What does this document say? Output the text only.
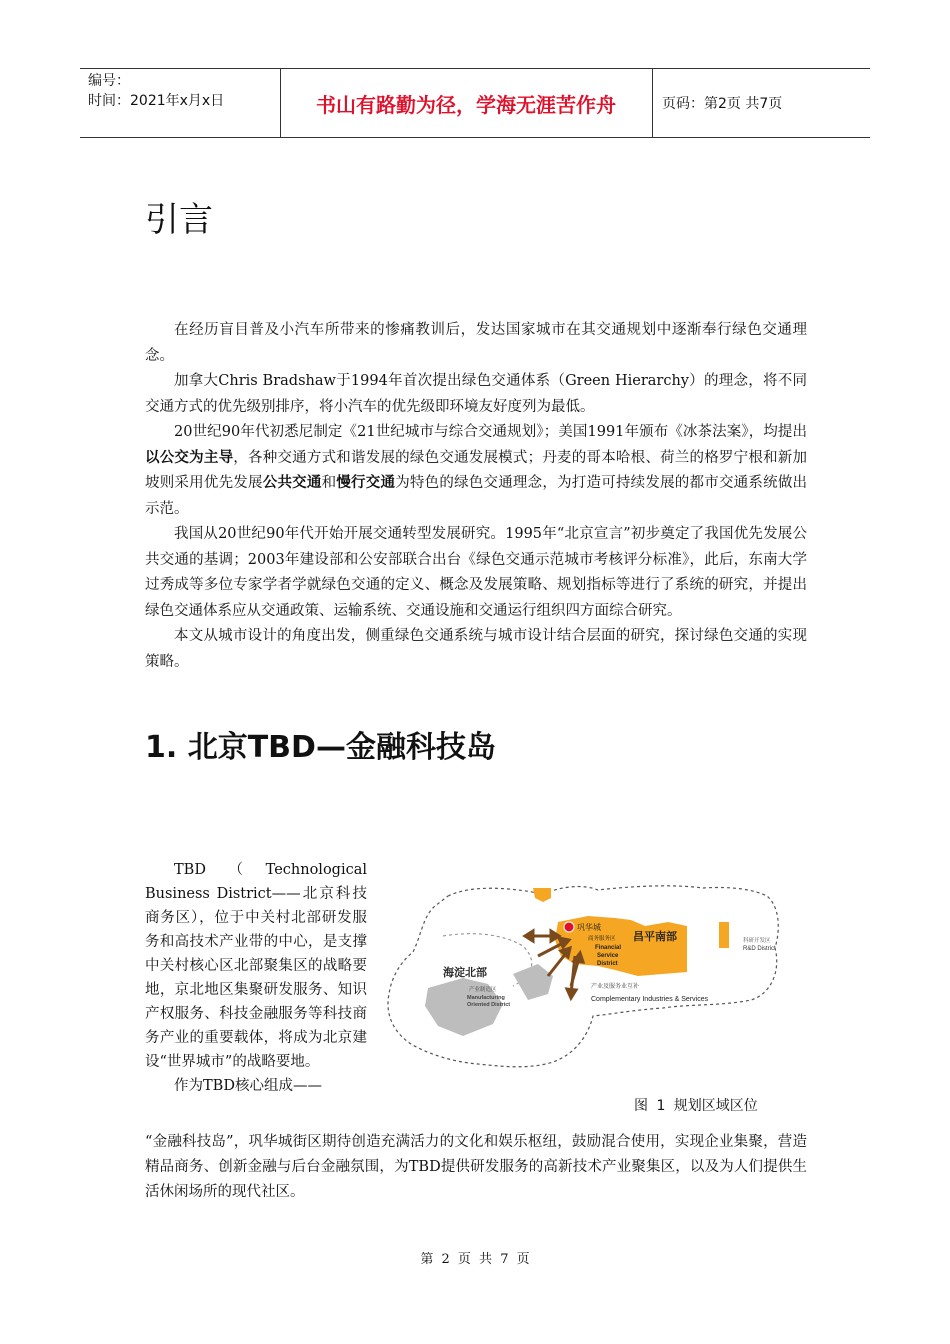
编号：
时间：2021年x月x日	书山有路勤为径，学海无涯苦作舟	页码：第2页 共7页
引言

在经历盲目普及小汽车所带来的惨痛教训后，发达国家城市在其交通规划中逐渐奉行绿色交通理念。

加拿大Chris Bradshaw于1994年首次提出绿色交通体系（Green Hierarchy）的理念，将不同交通方式的优先级别排序，将小汽车的优先级即环境友好度列为最低。

20世纪90年代初悉尼制定《21世纪城市与综合交通规划》；美国1991年颁布《冰茶法案》，均提出以公交为主导，各种交通方式和谐发展的绿色交通发展模式；丹麦的哥本哈根、荷兰的格罗宁根和新加坡则采用优先发展公共交通和慢行交通为特色的绿色交通理念，为打造可持续发展的都市交通系统做出示范。

我国从20世纪90年代开始开展交通转型发展研究。1995年“北京宣言”初步奠定了我国优先发展公共交通的基调；2003年建设部和公安部联合出台《绿色交通示范城市考核评分标准》，此后，东南大学过秀成等多位专家学者学就绿色交通的定义、概念及发展策略、规划指标等进行了系统的研究，并提出绿色交通体系应从交通政策、运输系统、交通设施和交通运行组织四方面综合研究。

本文从城市设计的角度出发，侧重绿色交通系统与城市设计结合层面的研究，探讨绿色交通的实现策略。

1. 北京TBD—金融科技岛

TBD（Technological Business District——北京科技商务区），位于中关村北部研发服务和高技术产业带的中心，是支撑中关村核心区北部聚集区的战略要地，京北地区集聚研发服务、知识产权服务、科技金融服务等科技商务产业的重要载体，将成为北京建设“世界城市”的战略要地。

作为TBD核心组成——

巩华城
商务服务区
Financial
Service
District
昌平南部	科研开发区
R&D District
海淀北部
产业制造区
Manufacturing
Oriented District
产业及服务业互补
Complementary Industries & Services
图 1 规划区域区位

“金融科技岛”，巩华城街区期待创造充满活力的文化和娱乐枢纽，鼓励混合使用，实现企业集聚，营造精品商务、创新金融与后台金融氛围，为TBD提供研发服务的高新技术产业聚集区，以及为人们提供生活休闲场所的现代社区。

第 2 页 共 7 页
